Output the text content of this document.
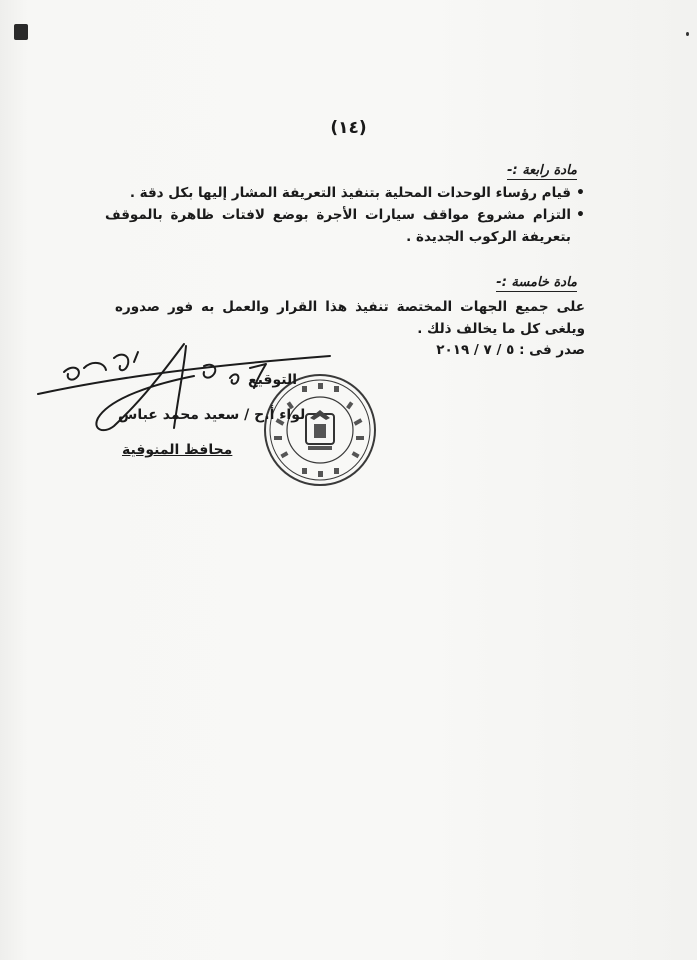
(١٤)
مادة رابعة :-
• قيام رؤساء الوحدات المحلية بتنفيذ التعريفة المشار إليها بكل دقة .
• التزام مشروع مواقف سيارات الأجرة بوضع لافتات ظاهرة بالموقف بتعريفة الركوب الجديدة .
مادة خامسة :-
على جميع الجهات المختصة تنفيذ هذا القرار والعمل به فور صدوره ويلغى كل ما يخالف ذلك .
صدر فى : ٥ / ٧ / ٢٠١٩
التوقيع
لواء أ.ح / سعيد محمد عباس
محافظ المنوفية
